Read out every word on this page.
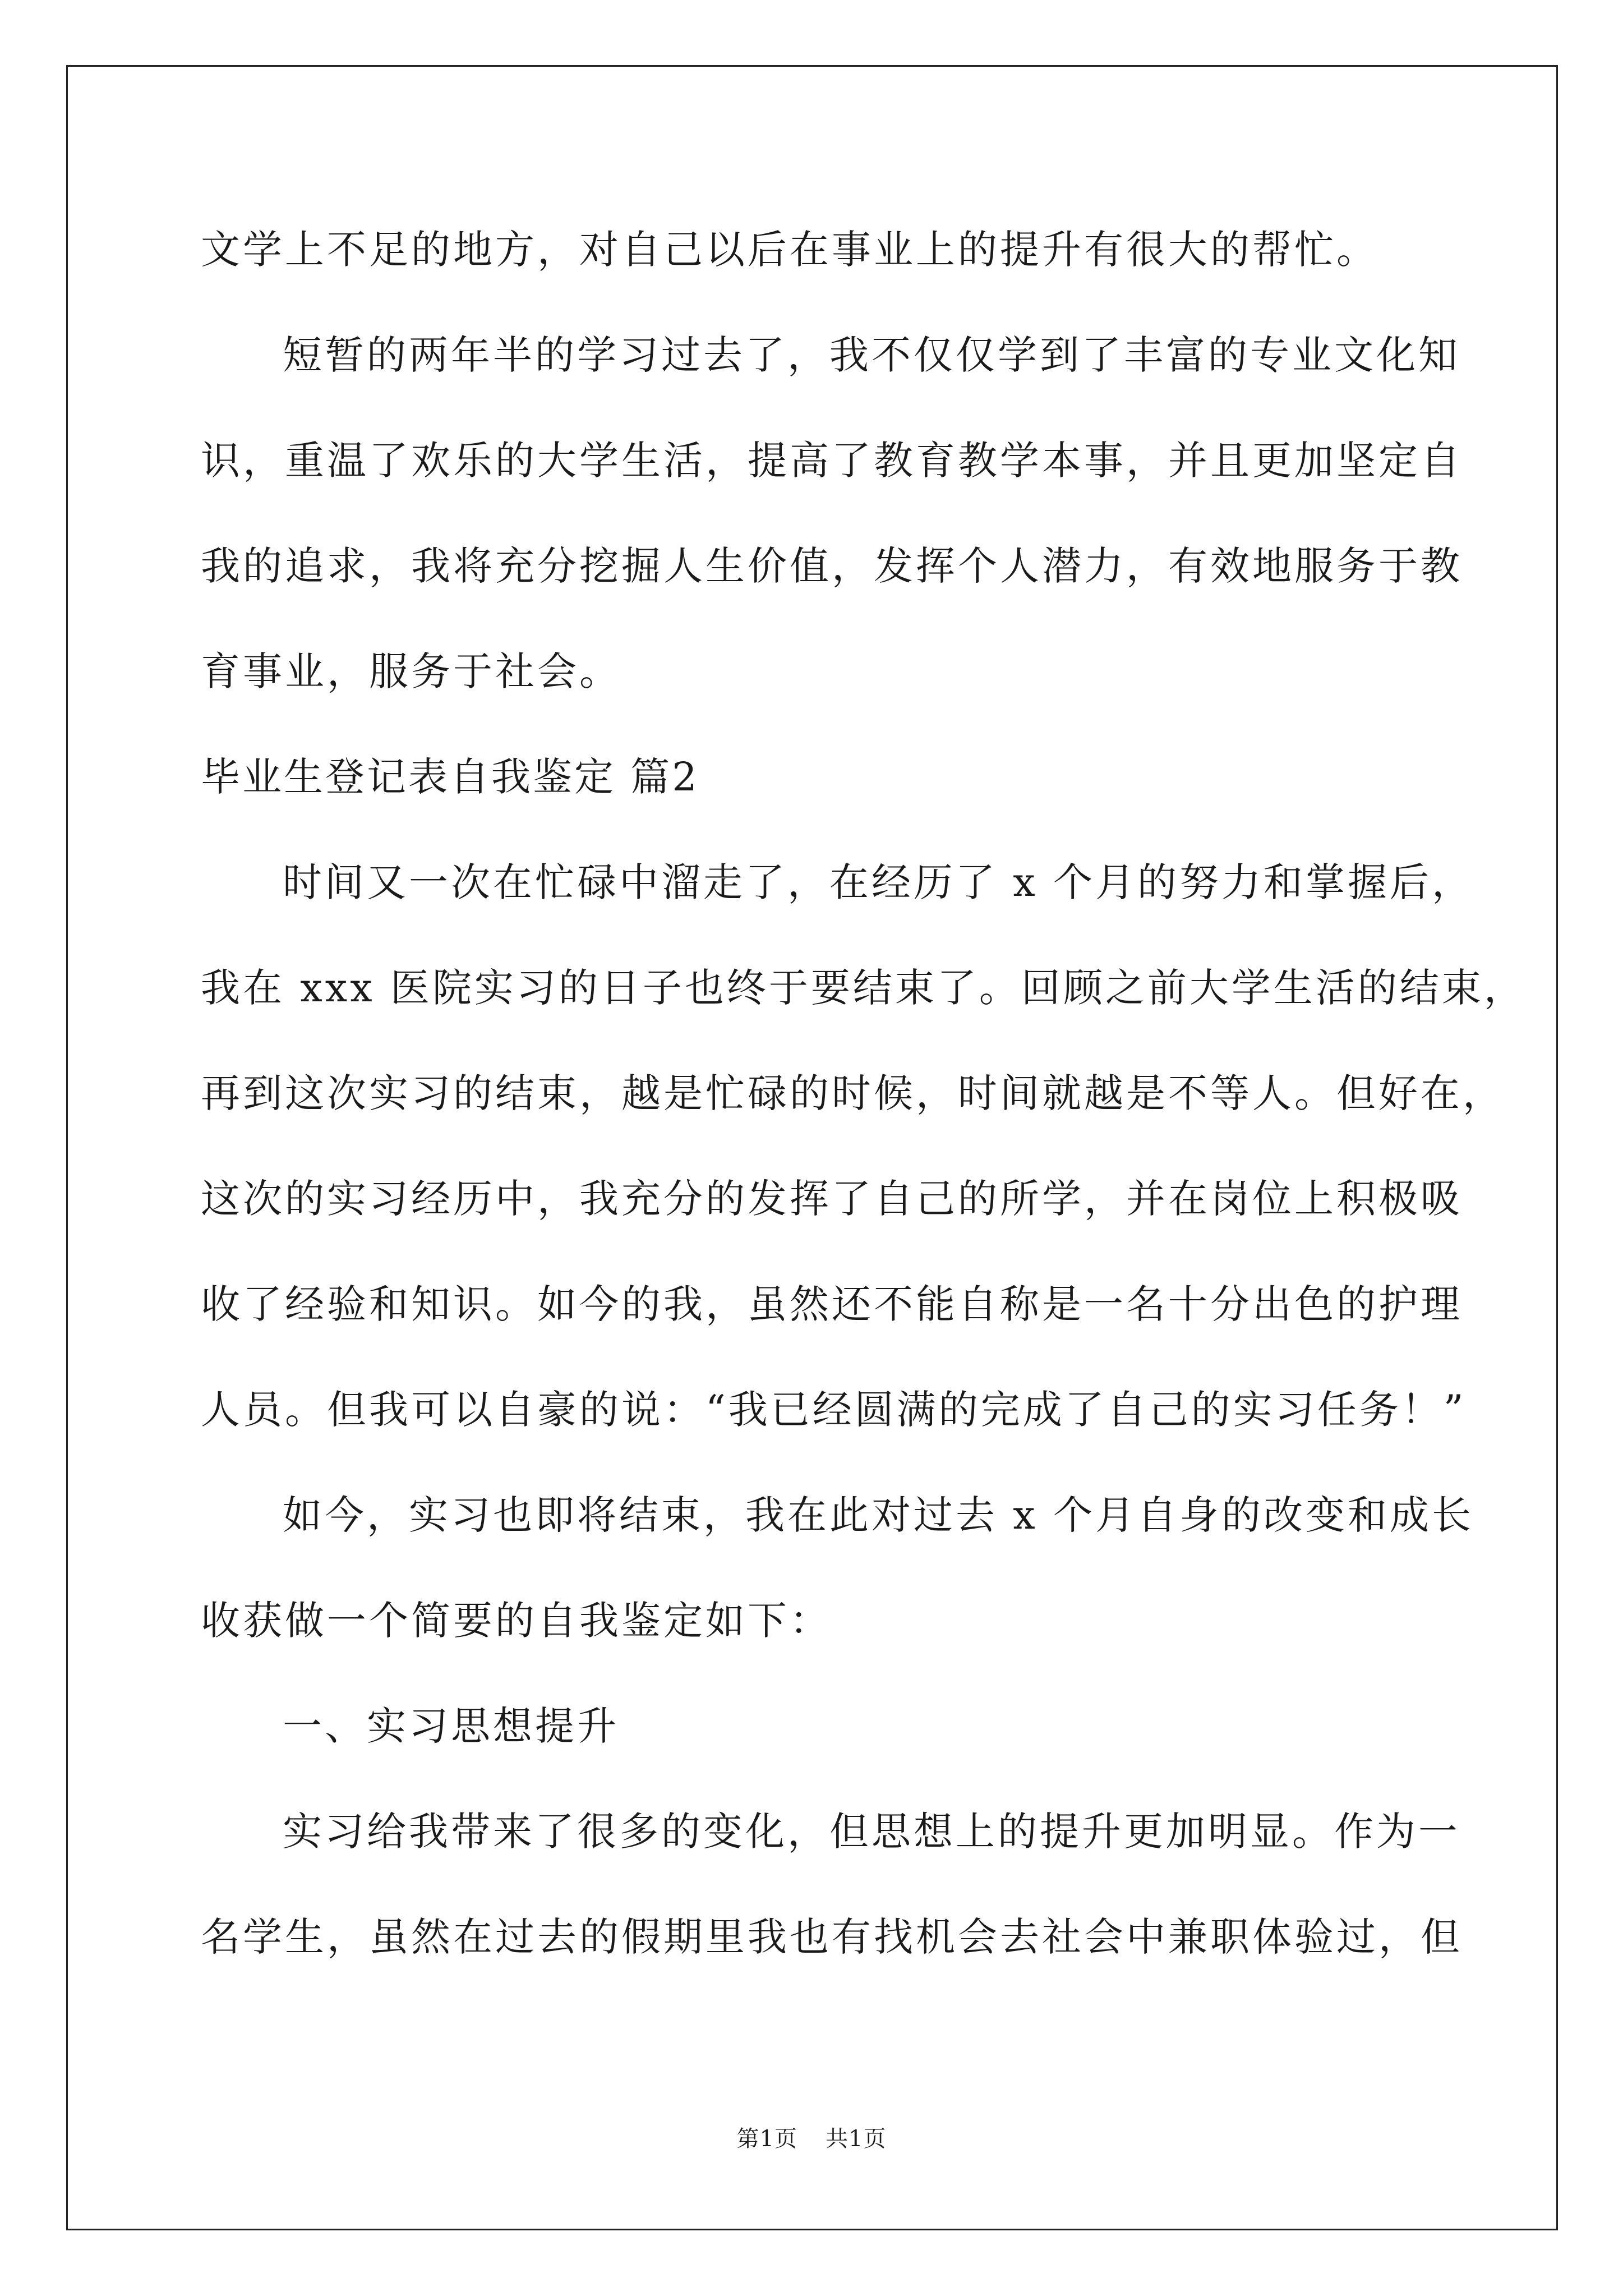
文学上不足的地方，对自己以后在事业上的提升有很大的帮忙。
短暂的两年半的学习过去了，我不仅仅学到了丰富的专业文化知
识，重温了欢乐的大学生活，提高了教育教学本事，并且更加坚定自
我的追求，我将充分挖掘人生价值，发挥个人潜力，有效地服务于教
育事业，服务于社会。
毕业生登记表自我鉴定 篇2
时间又一次在忙碌中溜走了，在经历了 x 个月的努力和掌握后，
我在 xxx 医院实习的日子也终于要结束了。回顾之前大学生活的结束，
再到这次实习的结束，越是忙碌的时候，时间就越是不等人。但好在，
这次的实习经历中，我充分的发挥了自己的所学，并在岗位上积极吸
收了经验和知识。如今的我，虽然还不能自称是一名十分出色的护理
人员。但我可以自豪的说：“我已经圆满的完成了自己的实习任务！”
如今，实习也即将结束，我在此对过去 x 个月自身的改变和成长
收获做一个简要的自我鉴定如下：
一、实习思想提升
实习给我带来了很多的变化，但思想上的提升更加明显。作为一
名学生，虽然在过去的假期里我也有找机会去社会中兼职体验过，但
第1页 共1页
